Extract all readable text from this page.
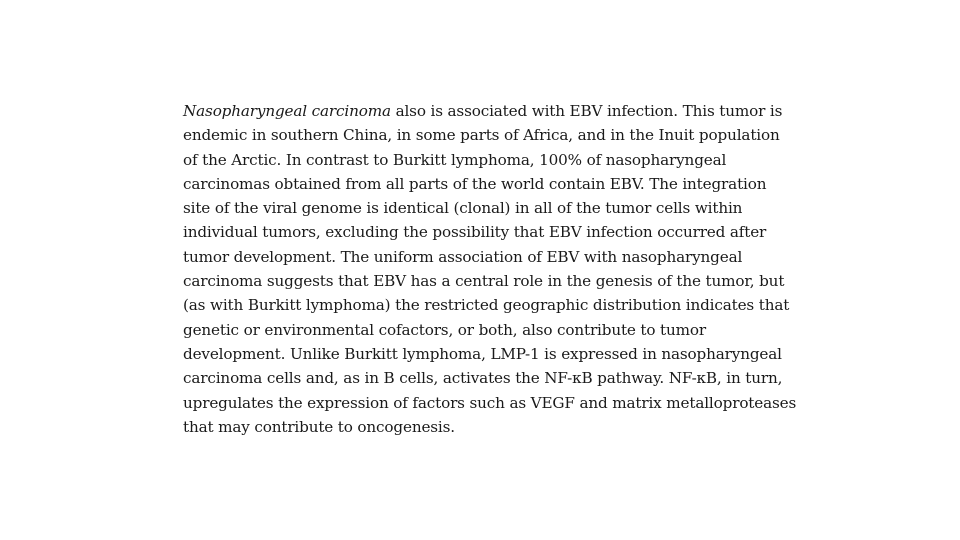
Nasopharyngeal carcinoma also is associated with EBV infection. This tumor is
endemic in southern China, in some parts of Africa, and in the Inuit population
of the Arctic. In contrast to Burkitt lymphoma, 100% of nasopharyngeal
carcinomas obtained from all parts of the world contain EBV. The integration
site of the viral genome is identical (clonal) in all of the tumor cells within
individual tumors, excluding the possibility that EBV infection occurred after
tumor development. The uniform association of EBV with nasopharyngeal
carcinoma suggests that EBV has a central role in the genesis of the tumor, but
(as with Burkitt lymphoma) the restricted geographic distribution indicates that
genetic or environmental cofactors, or both, also contribute to tumor
development. Unlike Burkitt lymphoma, LMP-1 is expressed in nasopharyngeal
carcinoma cells and, as in B cells, activates the NF-κB pathway. NF-κB, in turn,
upregulates the expression of factors such as VEGF and matrix metalloproteases
that may contribute to oncogenesis.
